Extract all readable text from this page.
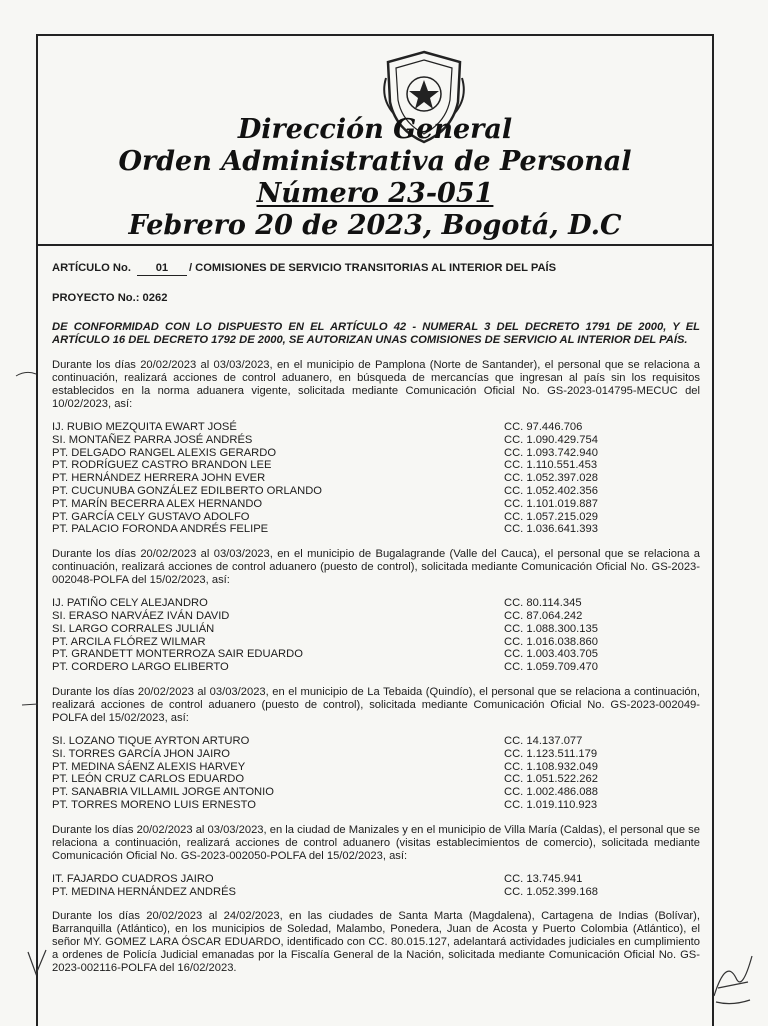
Dirección General
Orden Administrativa de Personal
Número 23-051
Febrero 20 de 2023, Bogotá, D.C
ARTÍCULO No. 01 / COMISIONES DE SERVICIO TRANSITORIAS AL INTERIOR DEL PAÍS
PROYECTO No.: 0262
DE CONFORMIDAD CON LO DISPUESTO EN EL ARTÍCULO 42 - NUMERAL 3 DEL DECRETO 1791 DE 2000, Y EL ARTÍCULO 16 DEL DECRETO 1792 DE 2000, SE AUTORIZAN UNAS COMISIONES DE SERVICIO AL INTERIOR DEL PAÍS.
Durante los días 20/02/2023 al 03/03/2023, en el municipio de Pamplona (Norte de Santander), el personal que se relaciona a continuación, realizará acciones de control aduanero, en búsqueda de mercancías que ingresan al país sin los requisitos establecidos en la norma aduanera vigente, solicitada mediante Comunicación Oficial No. GS-2023-014795-MECUC del 10/02/2023, así:
IJ. RUBIO MEZQUITA EWART JOSÉ	CC. 97.446.706
SI. MONTAÑEZ PARRA JOSÉ ANDRÉS	CC. 1.090.429.754
PT. DELGADO RANGEL ALEXIS GERARDO	CC. 1.093.742.940
PT. RODRÍGUEZ CASTRO BRANDON LEE	CC. 1.110.551.453
PT. HERNÁNDEZ HERRERA JOHN EVER	CC. 1.052.397.028
PT. CUCUNUBA GONZÁLEZ EDILBERTO ORLANDO	CC. 1.052.402.356
PT. MARÍN BECERRA ALEX HERNANDO	CC. 1.101.019.887
PT. GARCÍA CELY GUSTAVO ADOLFO	CC. 1.057.215.029
PT. PALACIO FORONDA ANDRÉS FELIPE	CC. 1.036.641.393
Durante los días 20/02/2023 al 03/03/2023, en el municipio de Bugalagrande (Valle del Cauca), el personal que se relaciona a continuación, realizará acciones de control aduanero (puesto de control), solicitada mediante Comunicación Oficial No. GS-2023-002048-POLFA del 15/02/2023, así:
IJ. PATIÑO CELY ALEJANDRO	CC. 80.114.345
SI. ERASO NARVÁEZ IVÁN DAVID	CC. 87.064.242
SI. LARGO CORRALES JULIÁN	CC. 1.088.300.135
PT. ARCILA FLÓREZ WILMAR	CC. 1.016.038.860
PT. GRANDETT MONTERROZA SAIR EDUARDO	CC. 1.003.403.705
PT. CORDERO LARGO ELIBERTO	CC. 1.059.709.470
Durante los días 20/02/2023 al 03/03/2023, en el municipio de La Tebaida (Quindío), el personal que se relaciona a continuación, realizará acciones de control aduanero (puesto de control), solicitada mediante Comunicación Oficial No. GS-2023-002049-POLFA del 15/02/2023, así:
SI. LOZANO TIQUE AYRTON ARTURO	CC. 14.137.077
SI. TORRES GARCÍA JHON JAIRO	CC. 1.123.511.179
PT. MEDINA SÁENZ ALEXIS HARVEY	CC. 1.108.932.049
PT. LEÓN CRUZ CARLOS EDUARDO	CC. 1.051.522.262
PT. SANABRIA VILLAMIL JORGE ANTONIO	CC. 1.002.486.088
PT. TORRES MORENO LUIS ERNESTO	CC. 1.019.110.923
Durante los días 20/02/2023 al 03/03/2023, en la ciudad de Manizales y en el municipio de Villa María (Caldas), el personal que se relaciona a continuación, realizará acciones de control aduanero (visitas establecimientos de comercio), solicitada mediante Comunicación Oficial No. GS-2023-002050-POLFA del 15/02/2023, así:
IT. FAJARDO CUADROS JAIRO	CC. 13.745.941
PT. MEDINA HERNÁNDEZ ANDRÉS	CC. 1.052.399.168
Durante los días 20/02/2023 al 24/02/2023, en las ciudades de Santa Marta (Magdalena), Cartagena de Indias (Bolívar), Barranquilla (Atlántico), en los municipios de Soledad, Malambo, Ponedera, Juan de Acosta y Puerto Colombia (Atlántico), el señor MY. GOMEZ LARA ÓSCAR EDUARDO, identificado con CC. 80.015.127, adelantará actividades judiciales en cumplimiento a ordenes de Policía Judicial emanadas por la Fiscalía General de la Nación, solicitada mediante Comunicación Oficial No. GS-2023-002116-POLFA del 16/02/2023.
